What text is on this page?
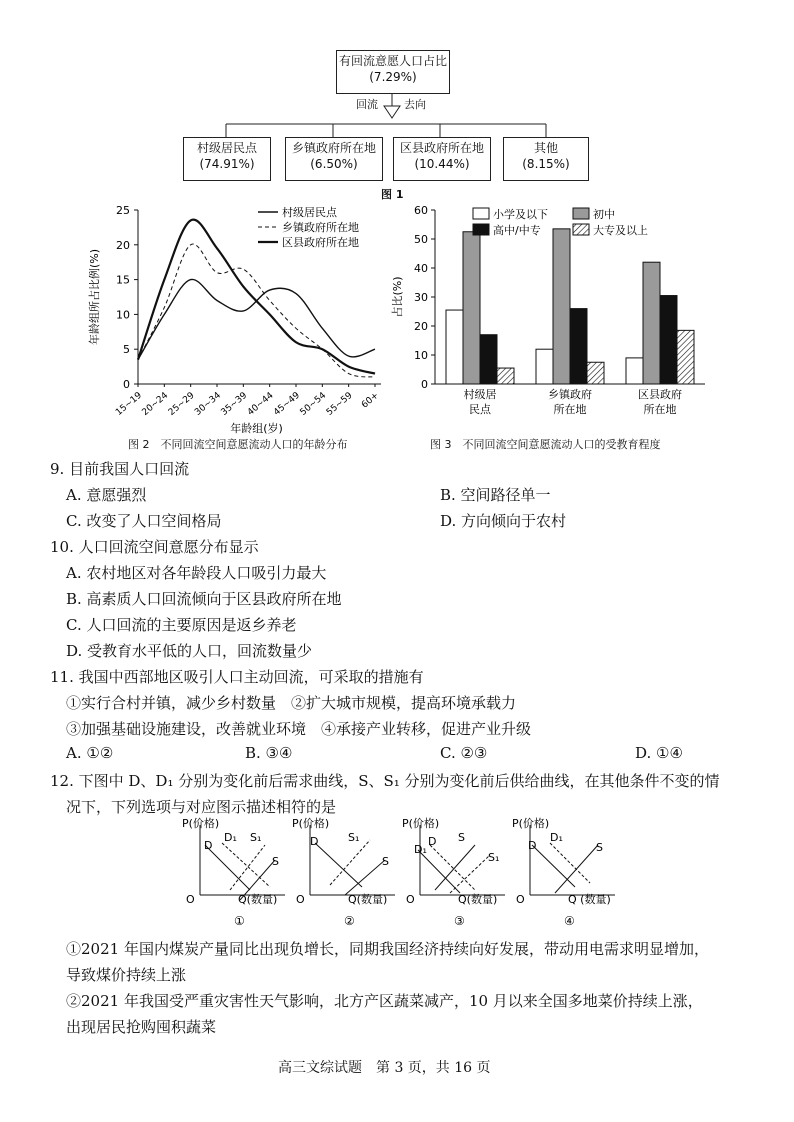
有回流意愿人口占比
(7.29%)
回流 去向
村级居民点
(74.91%)
乡镇政府所在地
(6.50%)
区县政府所在地
(10.44%)
其他
(8.15%)
图 1
0
5
10
15
20
25
15~19
20~24
25~29
30~34
35~39
40~44
45~49
50~54
55~59 60+
年龄组所占比例(%)
年龄组(岁)
村级居民点
乡镇政府所在地
区县政府所在地
图 2　不同回流空间意愿流动人口的年龄分布
0
10
20
30
40
50
60
占比(%)
村级居
民点
乡镇政府
所在地
区县政府
所在地
小学及以下	初中
高中/中专	大专及以上
图 3　不同回流空间意愿流动人口的受教育程度
9. 目前我国人口回流
A. 意愿强烈	B. 空间路径单一
C. 改变了人口空间格局	D. 方向倾向于农村
10. 人口回流空间意愿分布显示
A. 农村地区对各年龄段人口吸引力最大
B. 高素质人口回流倾向于区县政府所在地
C. 人口回流的主要原因是返乡养老
D. 受教育水平低的人口，回流数量少
11. 我国中西部地区吸引人口主动回流，可采取的措施有
①实行合村并镇，减少乡村数量　②扩大城市规模，提高环境承载力
③加强基础设施建设，改善就业环境　④承接产业转移，促进产业升级
A. ①②	B. ③④	C. ②③	D. ①④
12. 下图中 D、D₁ 分别为变化前后需求曲线，S、S₁ 分别为变化前后供给曲线，在其他条件不变的情
况下，下列选项与对应图示描述相符的是
P(价格)
O	Q(数量)
①
D
D₁ S₁
S
P(价格)
O	Q(数量)
②
D	S₁
S
P(价格)
O	Q(数量)
③
D₁
D S
S₁
P(价格)
O	Q (数量)
④
D
D₁
S
①2021 年国内煤炭产量同比出现负增长，同期我国经济持续向好发展，带动用电需求明显增加，
导致煤价持续上涨
②2021 年我国受严重灾害性天气影响，北方产区蔬菜减产，10 月以来全国多地菜价持续上涨，
出现居民抢购囤积蔬菜
高三文综试题　第 3 页，共 16 页
